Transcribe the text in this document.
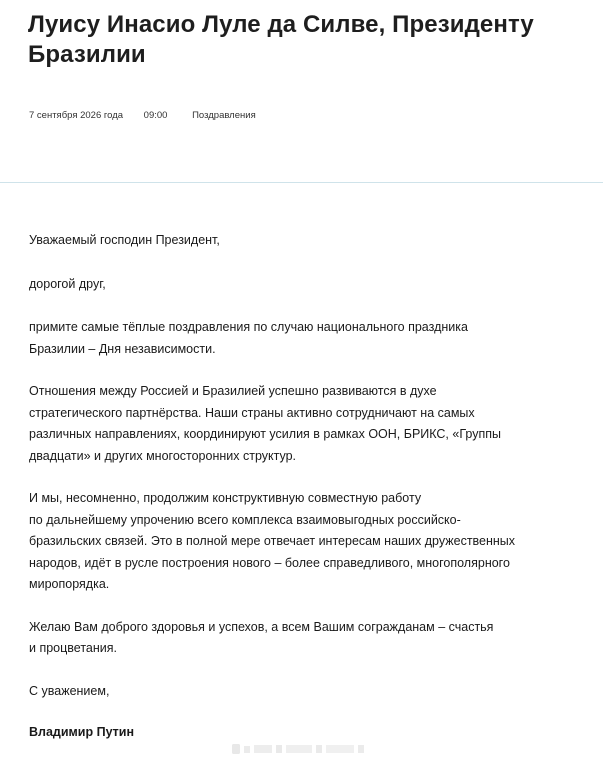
Луису Инасио Луле да Силве, Президенту Бразилии
7 сентября 2026 года 09:00	Поздравления

Уважаемый господин Президент,

дорогой друг,

примите самые тёплые поздравления по случаю национального праздника

Бразилии – Дня независимости.

Отношения между Россией и Бразилией успешно развиваются в духе

стратегического партнёрства. Наши страны активно сотрудничают на самых

различных направлениях, координируют усилия в рамках ООН, БРИКС, «Группы

двадцати» и других многосторонних структур.

И мы, несомненно, продолжим конструктивную совместную работу

по дальнейшему упрочению всего комплекса взаимовыгодных российско-

бразильских связей. Это в полной мере отвечает интересам наших дружественных

народов, идёт в русле построения нового – более справедливого, многополярного

миропорядка.

Желаю Вам доброго здоровья и успехов, а всем Вашим согражданам – счастья

и процветания.

С уважением,

Владимир Путин
